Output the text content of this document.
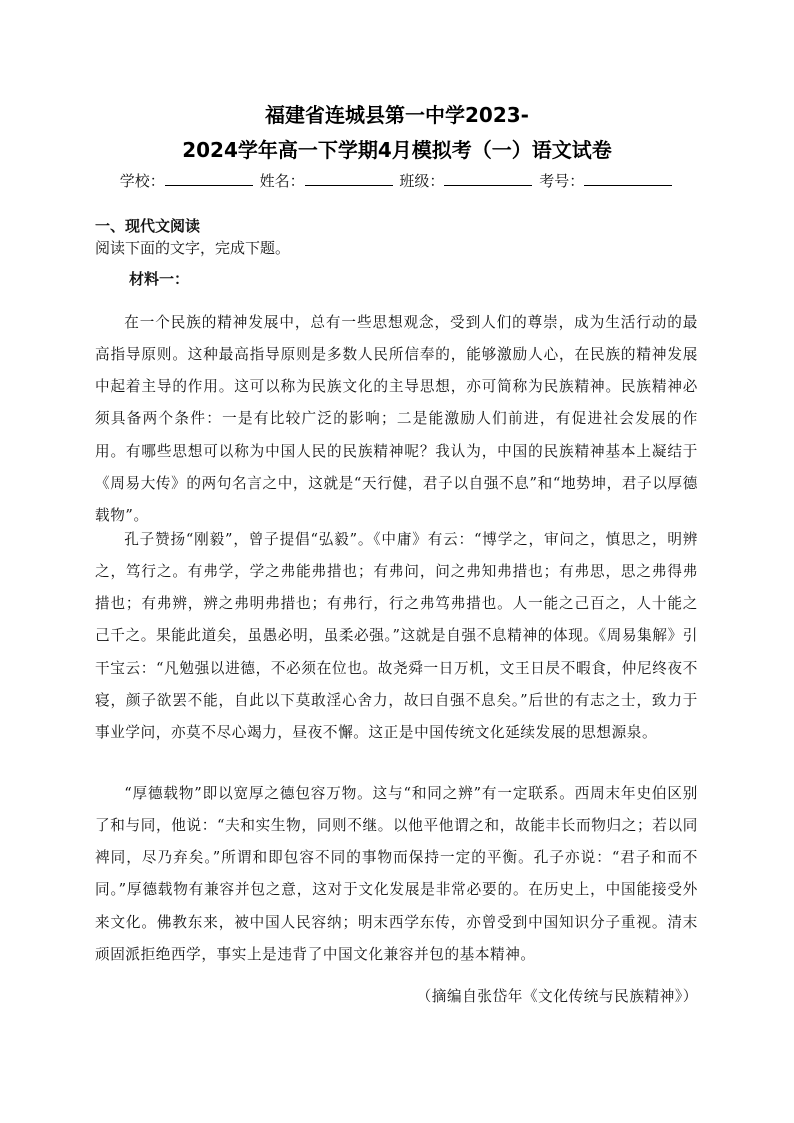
福建省连城县第一中学2023-
2024学年高一下学期4月模拟考（一）语文试卷
学校：	姓名：	班级：	考号：
一、现代文阅读
阅读下面的文字，完成下题。
材料一：

在一个民族的精神发展中，总有一些思想观念，受到人们的尊崇，成为生活行动的最高指导原则。这种最高指导原则是多数人民所信奉的，能够激励人心，在民族的精神发展中起着主导的作用。这可以称为民族文化的主导思想，亦可简称为民族精神。民族精神必须具备两个条件：一是有比较广泛的影响；二是能激励人们前进，有促进社会发展的作用。有哪些思想可以称为中国人民的民族精神呢？我认为，中国的民族精神基本上凝结于《周易大传》的两句名言之中，这就是“天行健，君子以自强不息”和“地势坤，君子以厚德载物”。

孔子赞扬“刚毅”，曾子提倡“弘毅”。《中庸》有云：“博学之，审问之，慎思之，明辨之，笃行之。有弗学，学之弗能弗措也；有弗问，问之弗知弗措也；有弗思，思之弗得弗措也；有弗辨，辨之弗明弗措也；有弗行，行之弗笃弗措也。人一能之己百之，人十能之己千之。果能此道矣，虽愚必明，虽柔必强。”这就是自强不息精神的体现。《周易集解》引干宝云：“凡勉强以进德，不必须在位也。故尧舜一日万机，文王日昃不暇食，仲尼终夜不寝，颜子欲罢不能，自此以下莫敢淫心舍力，故曰自强不息矣。”后世的有志之士，致力于事业学问，亦莫不尽心竭力，昼夜不懈。这正是中国传统文化延续发展的思想源泉。

“厚德载物”即以宽厚之德包容万物。这与“和同之辨”有一定联系。西周末年史伯区别了和与同，他说：“夫和实生物，同则不继。以他平他谓之和，故能丰长而物归之；若以同裨同，尽乃弃矣。”所谓和即包容不同的事物而保持一定的平衡。孔子亦说：“君子和而不同。”厚德载物有兼容并包之意，这对于文化发展是非常必要的。在历史上，中国能接受外来文化。佛教东来，被中国人民容纳；明末西学东传，亦曾受到中国知识分子重视。清末顽固派拒绝西学，事实上是违背了中国文化兼容并包的基本精神。

（摘编自张岱年《文化传统与民族精神》）
